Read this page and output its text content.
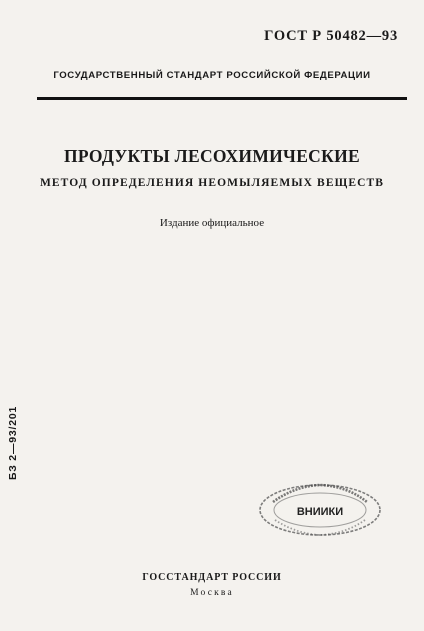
ГОСТ Р 50482—93
ГОСУДАРСТВЕННЫЙ СТАНДАРТ РОССИЙСКОЙ ФЕДЕРАЦИИ
ПРОДУКТЫ ЛЕСОХИМИЧЕСКИЕ
МЕТОД ОПРЕДЕЛЕНИЯ НЕОМЫЛЯЕМЫХ ВЕЩЕСТВ
Издание официальное
БЗ 2—93/201
ВНИИКИ
ГОССТАНДАРТ РОССИИ
Москва
